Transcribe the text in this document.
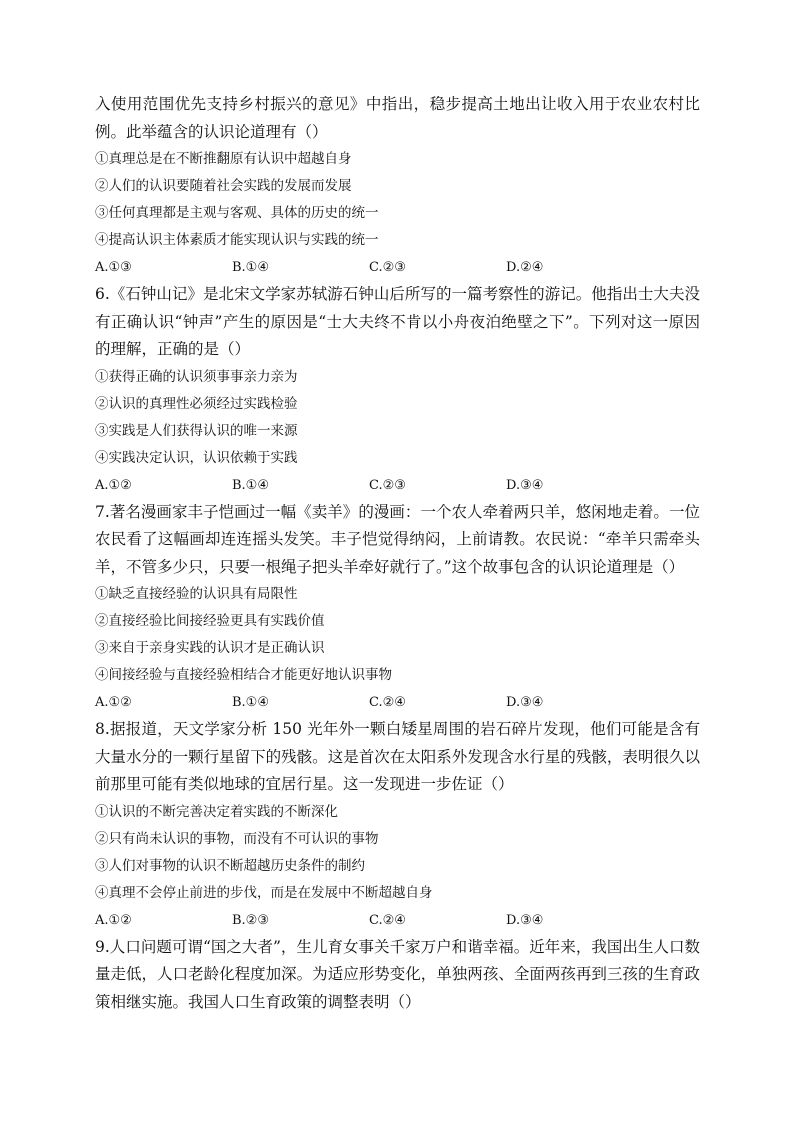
入使用范围优先支持乡村振兴的意见》中指出，稳步提高土地出让收入用于农业农村比例。此举蕴含的认识论道理有（）

①真理总是在不断推翻原有认识中超越自身

②人们的认识要随着社会实践的发展而发展

③任何真理都是主观与客观、具体的历史的统一

④提高认识主体素质才能实现认识与实践的统一

A.①③	B.①④	C.②③	D.②④

6.《石钟山记》是北宋文学家苏轼游石钟山后所写的一篇考察性的游记。他指出士大夫没有正确认识“钟声”产生的原因是“士大夫终不肯以小舟夜泊绝壁之下”。下列对这一原因的理解，正确的是（）

①获得正确的认识须事事亲力亲为

②认识的真理性必须经过实践检验

③实践是人们获得认识的唯一来源

④实践决定认识，认识依赖于实践

A.①②	B.①④	C.②③	D.③④

7.著名漫画家丰子恺画过一幅《卖羊》的漫画：一个农人牵着两只羊，悠闲地走着。一位农民看了这幅画却连连摇头发笑。丰子恺觉得纳闷，上前请教。农民说：“牵羊只需牵头羊，不管多少只，只要一根绳子把头羊牵好就行了。”这个故事包含的认识论道理是（）

①缺乏直接经验的认识具有局限性

②直接经验比间接经验更具有实践价值

③来自于亲身实践的认识才是正确认识

④间接经验与直接经验相结合才能更好地认识事物

A.①②	B.①④	C.②④	D.③④

8.据报道，天文学家分析 150 光年外一颗白矮星周围的岩石碎片发现，他们可能是含有大量水分的一颗行星留下的残骸。这是首次在太阳系外发现含水行星的残骸，表明很久以前那里可能有类似地球的宜居行星。这一发现进一步佐证（）

①认识的不断完善决定着实践的不断深化

②只有尚未认识的事物，而没有不可认识的事物

③人们对事物的认识不断超越历史条件的制约

④真理不会停止前进的步伐，而是在发展中不断超越自身

A.①②	B.②③	C.②④	D.③④

9.人口问题可谓“国之大者”，生儿育女事关千家万户和谐幸福。近年来，我国出生人口数量走低，人口老龄化程度加深。为适应形势变化，单独两孩、全面两孩再到三孩的生育政策相继实施。我国人口生育政策的调整表明（）
